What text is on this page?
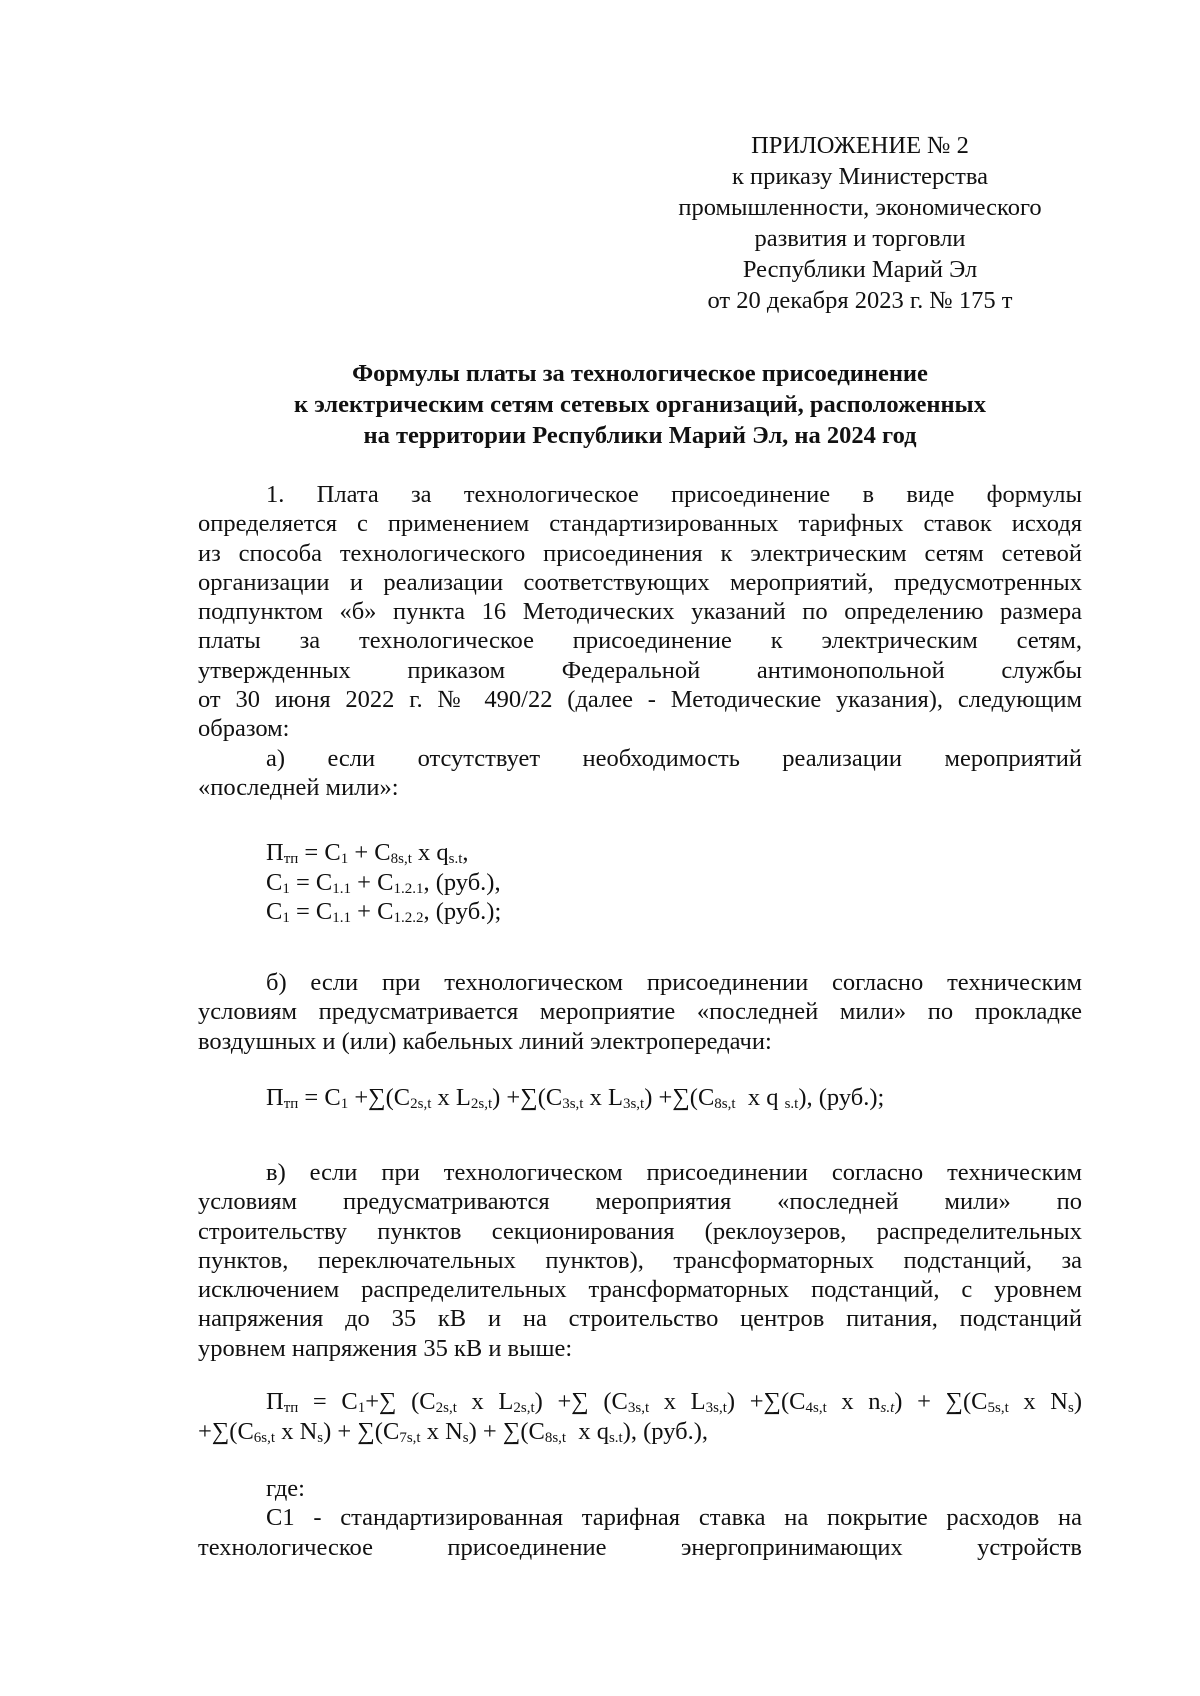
ПРИЛОЖЕНИЕ № 2
к приказу Министерства
промышленности, экономического
развития и торговли
Республики Марий Эл
от 20 декабря 2023 г. № 175 т
Формулы платы за технологическое присоединение
к электрическим сетям сетевых организаций, расположенных
на территории Республики Марий Эл, на 2024 год
1. Плата за технологическое присоединение в виде формулы
определяется с применением стандартизированных тарифных ставок исходя
из способа технологического присоединения к электрическим сетям сетевой
организации и реализации соответствующих мероприятий, предусмотренных
подпунктом «б» пункта 16 Методических указаний по определению размера
платы за технологическое присоединение к электрическим сетям,
утвержденных приказом Федеральной антимонопольной службы
от 30 июня 2022 г. № 490/22 (далее - Методические указания), следующим
образом:
а) если отсутствует необходимость реализации мероприятий
«последней мили»:
$П_{тп} = C_1 + C_{8s,t}$ x $q_{s.t}$,
$C_1 = C_{1.1} + C_{1.2.1}$, (руб.),
$C_1 = C_{1.1} + C_{1.2.2}$, (руб.);
б) если при технологическом присоединении согласно техническим
условиям предусматривается мероприятие «последней мили» по прокладке
воздушных и (или) кабельных линий электропередачи:
$П_{тп} = C_1 +\sum(C_{2s,t}$ x $L_{2s,t}) +\sum(C_{3s,t}$ x $L_{3s,t}) +\sum(C_{8s,t}$  x q $_{s.t}$), (руб.);
в) если при технологическом присоединении согласно техническим
условиям предусматриваются мероприятия «последней мили» по
строительству пунктов секционирования (реклоузеров, распределительных
пунктов, переключательных пунктов), трансформаторных подстанций, за
исключением распределительных трансформаторных подстанций, с уровнем
напряжения до 35 кВ и на строительство центров питания, подстанций
уровнем напряжения 35 кВ и выше:
$П_{тп} = C_1+\sum$ ($C_{2s,t}$ x $L_{2s,t}$) +∑ ($C_{3s,t}$ x $L_{3s,t}) +\sum(C_{4s,t}$ x $n_{s.t}) + \sum(C_{5s,t}$ x $N_s$)
$+\sum(C_{6s,t}$ x $N_s) + \sum(C_{7s,t}$ x $N_s) + \sum(C_{8s,t}$  x $q_{s.t}$), (руб.),
где:
C1 - стандартизированная тарифная ставка на покрытие расходов на
технологическое присоединение энергопринимающих устройств
